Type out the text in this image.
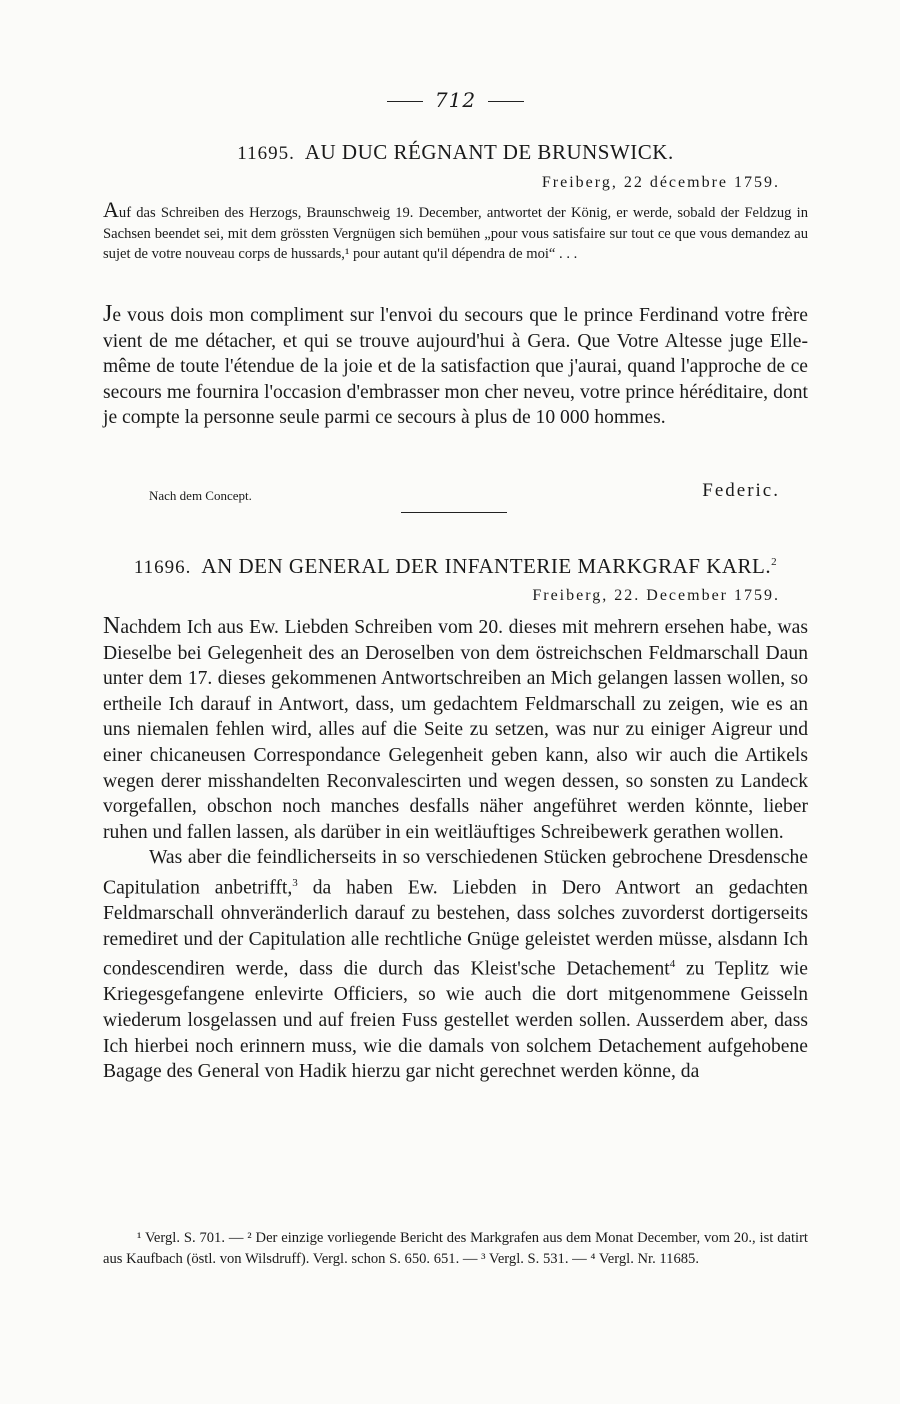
712
11695. AU DUC RÉGNANT DE BRUNSWICK.
Freiberg, 22 décembre 1759.
Auf das Schreiben des Herzogs, Braunschweig 19. December, antwortet der König, er werde, sobald der Feldzug in Sachsen beendet sei, mit dem grössten Vergnügen sich bemühen „pour vous satisfaire sur tout ce que vous demandez au sujet de votre nouveau corps de hussards,¹ pour autant qu'il dépendra de moi“ . . .

Je vous dois mon compliment sur l'envoi du secours que le prince Ferdinand votre frère vient de me détacher, et qui se trouve aujourd'hui à Gera. Que Votre Altesse juge Elle-même de toute l'étendue de la joie et de la satisfaction que j'aurai, quand l'approche de ce secours me fournira l'occasion d'embrasser mon cher neveu, votre prince héréditaire, dont je compte la personne seule parmi ce secours à plus de 10 000 hommes.

Nach dem Concept.	Federic.
11696. AN DEN GENERAL DER INFANTERIE MARKGRAF KARL.$^2$
Freiberg, 22. December 1759.

Nachdem Ich aus Ew. Liebden Schreiben vom 20. dieses mit mehrern ersehen habe, was Dieselbe bei Gelegenheit des an Deroselben von dem östreichschen Feldmarschall Daun unter dem 17. dieses gekommenen Antwortschreiben an Mich gelangen lassen wollen, so ertheile Ich darauf in Antwort, dass, um gedachtem Feldmarschall zu zeigen, wie es an uns niemalen fehlen wird, alles auf die Seite zu setzen, was nur zu einiger Aigreur und einer chicaneusen Correspondance Gelegenheit geben kann, also wir auch die Artikels wegen derer misshandelten Reconvalescirten und wegen dessen, so sonsten zu Landeck vorgefallen, obschon noch manches desfalls näher angeführet werden könnte, lieber ruhen und fallen lassen, als darüber in ein weitläuftiges Schreibewerk gerathen wollen.

Was aber die feindlicherseits in so verschiedenen Stücken gebrochene Dresdensche Capitulation anbetrifft,$^3$ da haben Ew. Liebden in Dero Antwort an gedachten Feldmarschall ohnveränderlich darauf zu bestehen, dass solches zuvorderst dortigerseits remediret und der Capitulation alle rechtliche Gnüge geleistet werden müsse, alsdann Ich condescendiren werde, dass die durch das Kleist'sche Detachement$^4$ zu Teplitz wie Kriegesgefangene enlevirte Officiers, so wie auch die dort mitgenommene Geisseln wiederum losgelassen und auf freien Fuss gestellet werden sollen. Ausserdem aber, dass Ich hierbei noch erinnern muss, wie die damals von solchem Detachement aufgehobene Bagage des General von Hadik hierzu gar nicht gerechnet werden könne, da

¹ Vergl. S. 701. — ² Der einzige vorliegende Bericht des Markgrafen aus dem Monat December, vom 20., ist datirt aus Kaufbach (östl. von Wilsdruff). Vergl. schon S. 650. 651. — ³ Vergl. S. 531. — ⁴ Vergl. Nr. 11685.
